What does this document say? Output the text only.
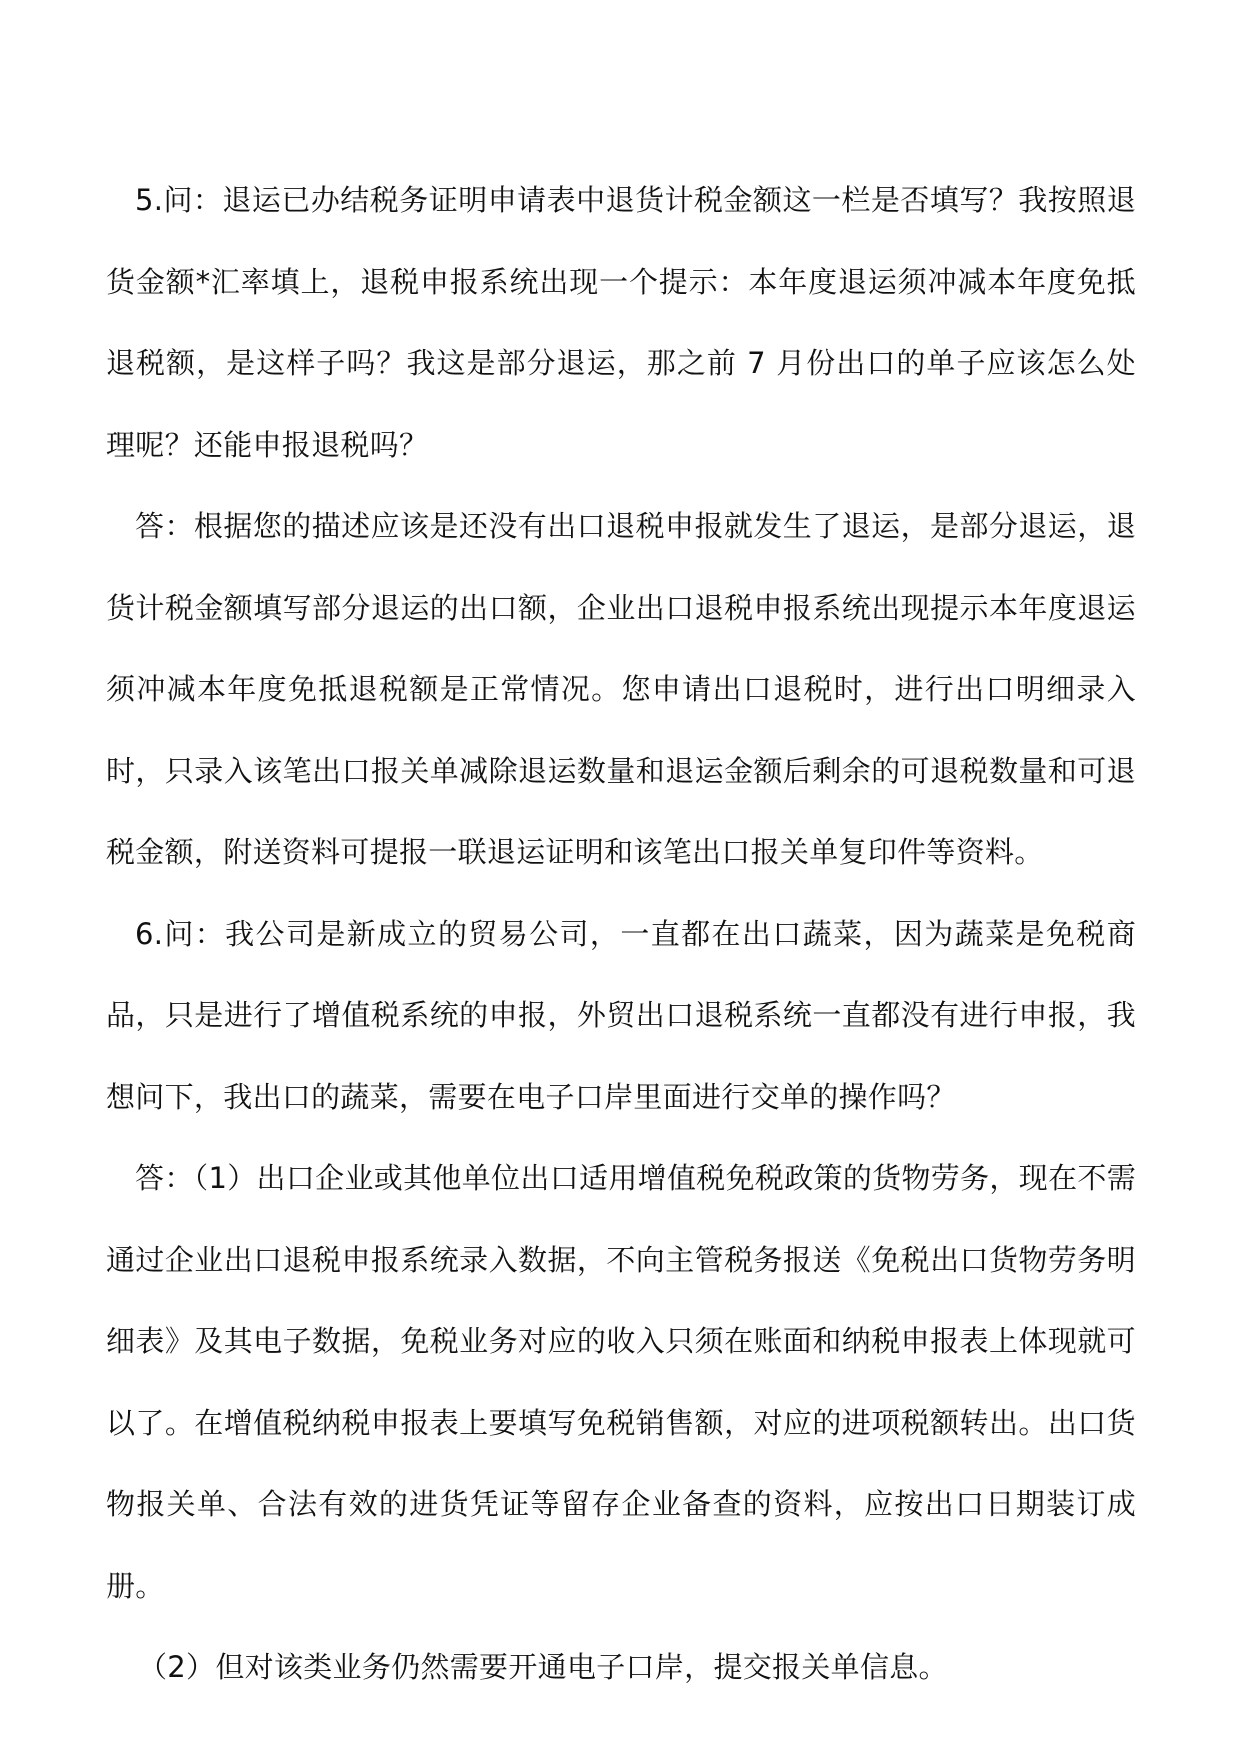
5.问：退运已办结税务证明申请表中退货计税金额这一栏是否填写？我按照退货金额*汇率填上，退税申报系统出现一个提示：本年度退运须冲减本年度免抵退税额，是这样子吗？我这是部分退运，那之前 7 月份出口的单子应该怎么处理呢？还能申报退税吗？

答：根据您的描述应该是还没有出口退税申报就发生了退运，是部分退运，退货计税金额填写部分退运的出口额，企业出口退税申报系统出现提示本年度退运须冲减本年度免抵退税额是正常情况。您申请出口退税时，进行出口明细录入时，只录入该笔出口报关单减除退运数量和退运金额后剩余的可退税数量和可退税金额，附送资料可提报一联退运证明和该笔出口报关单复印件等资料。

6.问：我公司是新成立的贸易公司，一直都在出口蔬菜，因为蔬菜是免税商品，只是进行了增值税系统的申报，外贸出口退税系统一直都没有进行申报，我想问下，我出口的蔬菜，需要在电子口岸里面进行交单的操作吗？

答：（1）出口企业或其他单位出口适用增值税免税政策的货物劳务，现在不需通过企业出口退税申报系统录入数据，不向主管税务报送《免税出口货物劳务明细表》及其电子数据，免税业务对应的收入只须在账面和纳税申报表上体现就可以了。在增值税纳税申报表上要填写免税销售额，对应的进项税额转出。出口货物报关单、合法有效的进货凭证等留存企业备查的资料，应按出口日期装订成册。

（2）但对该类业务仍然需要开通电子口岸，提交报关单信息。
